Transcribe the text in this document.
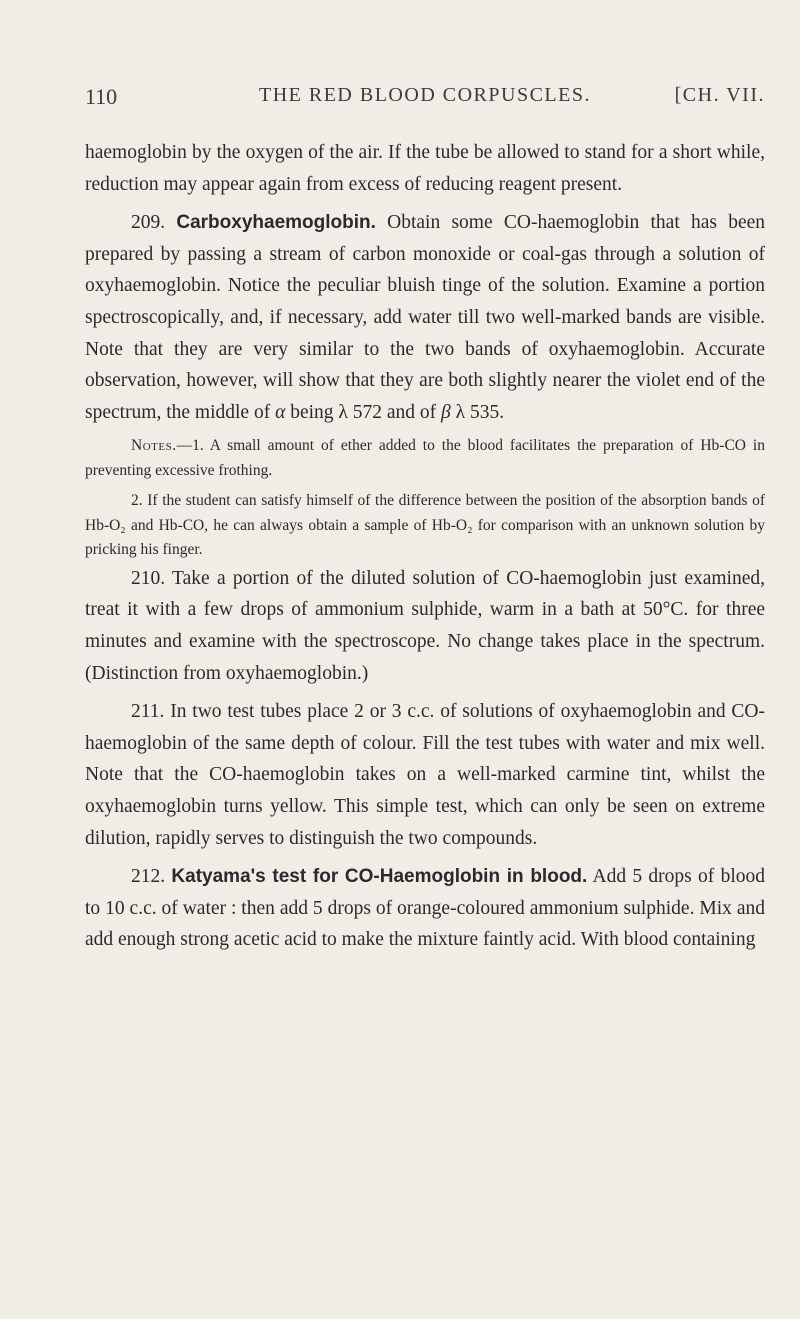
110	THE RED BLOOD CORPUSCLES.	[CH. VII.

haemoglobin by the oxygen of the air. If the tube be allowed to stand for a short while, reduction may appear again from excess of reducing reagent present.

209. Carboxyhaemoglobin. Obtain some CO-haemoglobin that has been prepared by passing a stream of carbon monoxide or coal-gas through a solution of oxyhaemoglobin. Notice the peculiar bluish tinge of the solution. Examine a portion spectroscopically, and, if necessary, add water till two well-marked bands are visible. Note that they are very similar to the two bands of oxyhaemoglobin. Accurate observation, however, will show that they are both slightly nearer the violet end of the spectrum, the middle of α being λ 572 and of β λ 535.

Notes.—1. A small amount of ether added to the blood facilitates the preparation of Hb-CO in preventing excessive frothing.

2. If the student can satisfy himself of the difference between the position of the absorption bands of Hb-O₂ and Hb-CO, he can always obtain a sample of Hb-O₂ for comparison with an unknown solution by pricking his finger.

210. Take a portion of the diluted solution of CO-haemoglobin just examined, treat it with a few drops of ammonium sulphide, warm in a bath at 50°C. for three minutes and examine with the spectroscope. No change takes place in the spectrum. (Distinction from oxyhaemoglobin.)

211. In two test tubes place 2 or 3 c.c. of solutions of oxyhaemoglobin and CO-haemoglobin of the same depth of colour. Fill the test tubes with water and mix well. Note that the CO-haemoglobin takes on a well-marked carmine tint, whilst the oxyhaemoglobin turns yellow. This simple test, which can only be seen on extreme dilution, rapidly serves to distinguish the two compounds.

212. Katyama's test for CO-Haemoglobin in blood. Add 5 drops of blood to 10 c.c. of water : then add 5 drops of orange-coloured ammonium sulphide. Mix and add enough strong acetic acid to make the mixture faintly acid. With blood containing
